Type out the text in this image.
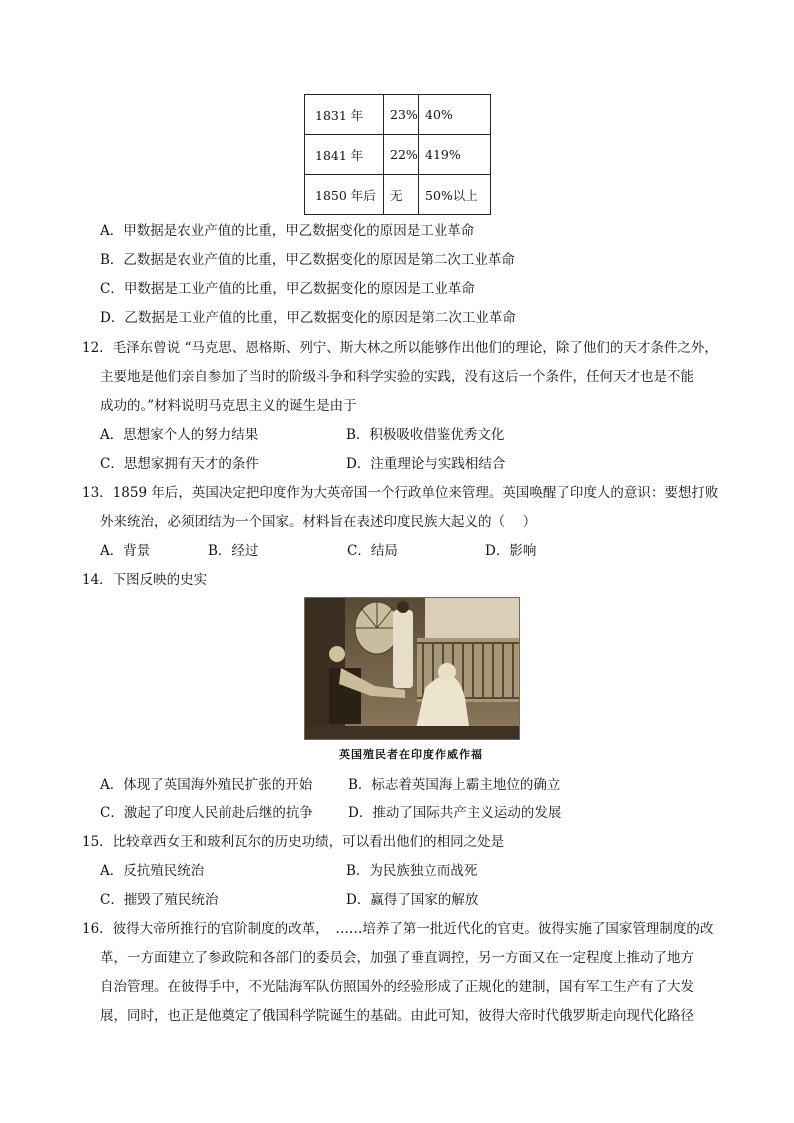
1831 年	23%	40%
1841 年	22%	419%
1850 年后	无	50%以上
A．甲数据是农业产值的比重，甲乙数据变化的原因是工业革命
B．乙数据是农业产值的比重，甲乙数据变化的原因是第二次工业革命
C．甲数据是工业产值的比重，甲乙数据变化的原因是工业革命
D．乙数据是工业产值的比重，甲乙数据变化的原因是第二次工业革命
12．毛泽东曾说 “马克思、恩格斯、列宁、斯大林之所以能够作出他们的理论，除了他们的天才条件之外，
主要地是他们亲自参加了当时的阶级斗争和科学实验的实践，没有这后一个条件，任何天才也是不能
成功的。”材料说明马克思主义的诞生是由于
A．思想家个人的努力结果	B．积极吸收借鉴优秀文化
C．思想家拥有天才的条件	D．注重理论与实践相结合
13．1859 年后，英国决定把印度作为大英帝国一个行政单位来管理。英国唤醒了印度人的意识：要想打败
外来统治，必须团结为一个国家。材料旨在表述印度民族大起义的（　 ）
A．背景	B．经过	C．结局	D．影响
14．下图反映的史实
英国殖民者在印度作威作福
A．体现了英国海外殖民扩张的开始	B．标志着英国海上霸主地位的确立
C．激起了印度人民前赴后继的抗争	D．推动了国际共产主义运动的发展
15．比较章西女王和玻利瓦尔的历史功绩，可以看出他们的相同之处是
A．反抗殖民统治	B．为民族独立而战死
C．摧毁了殖民统治	D．赢得了国家的解放
16．彼得大帝所推行的官阶制度的改革，　……培养了第一批近代化的官吏。彼得实施了国家管理制度的改
革，一方面建立了参政院和各部门的委员会，加强了垂直调控，另一方面又在一定程度上推动了地方
自治管理。在彼得手中，不光陆海军队仿照国外的经验形成了正规化的建制，国有军工生产有了大发
展，同时，也正是他奠定了俄国科学院诞生的基础。由此可知，彼得大帝时代俄罗斯走向现代化路径
